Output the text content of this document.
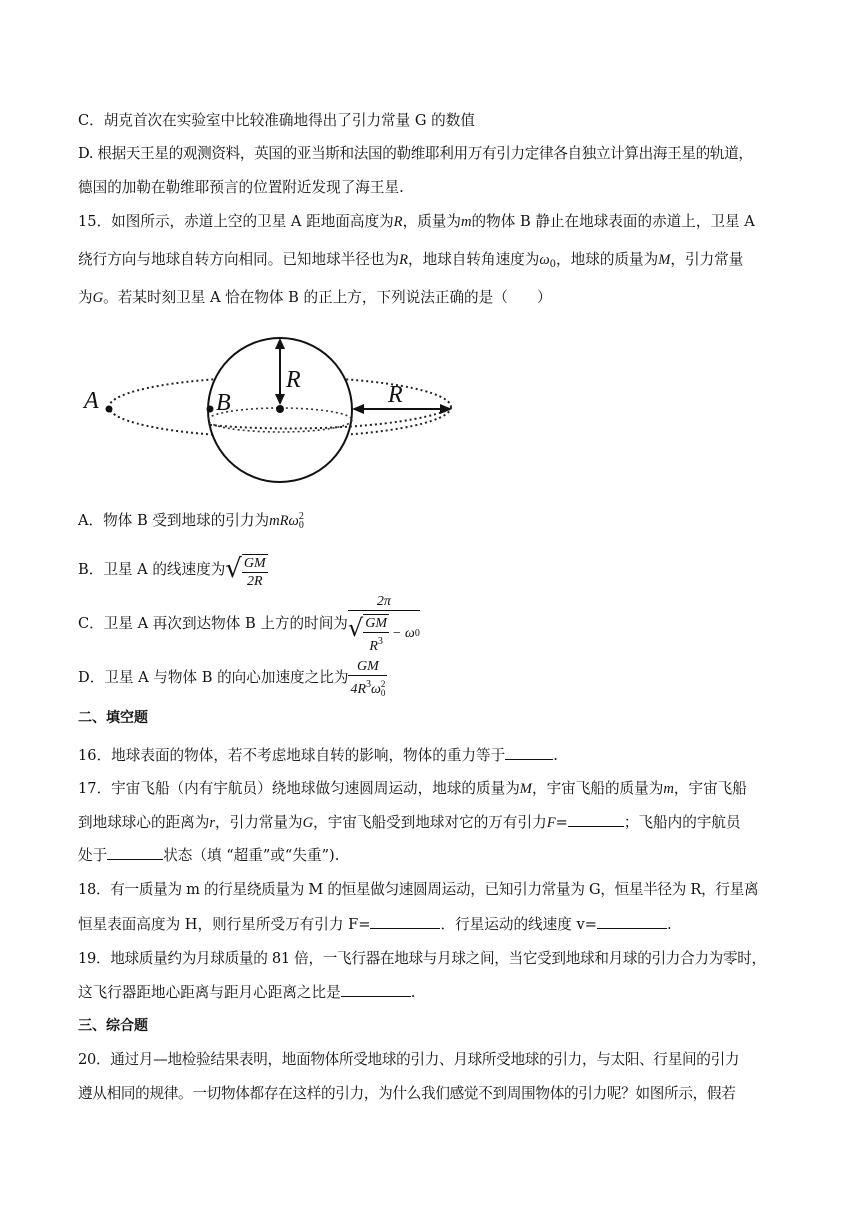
C．胡克首次在实验室中比较准确地得出了引力常量 G 的数值
D. 根据天王星的观测资料，英国的亚当斯和法国的勒维耶利用万有引力定律各自独立计算出海王星的轨道，
德国的加勒在勒维耶预言的位置附近发现了海王星.
15．如图所示，赤道上空的卫星 A 距地面高度为R，质量为m的物体 B 静止在地球表面的赤道上，卫星 A
绕行方向与地球自转方向相同。已知地球半径也为R，地球自转角速度为$\omega_0$，地球的质量为M，引力常量
为G。若某时刻卫星 A 恰在物体 B 的正上方，下列说法正确的是（　　）
A	B
R
R
A．物体 B 受到地球的引力为mRω 2
0
B．卫星 A 的线速度为 √ $\frac{GM}{2R}$
C．卫星 A 再次到达物体 B 上方的时间为 $\frac{2\pi}{√ \frac{GM}{R^3} - \omega 0}$
D．卫星 A 与物体 B 的向心加速度之比为 GM
$4R^3\omega$ 2
0
二、填空题
16．地球表面的物体，若不考虑地球自转的影响，物体的重力等于	.
17．宇宙飞船（内有宇航员）绕地球做匀速圆周运动，地球的质量为M，宇宙飞船的质量为m，宇宙飞船
到地球球心的距离为r，引力常量为G，宇宙飞船受到地球对它的万有引力F=	；飞船内的宇航员
处于	状态（填 “超重”或“失重”).
18．有一质量为 m 的行星绕质量为 M 的恒星做匀速圆周运动，已知引力常量为 G，恒星半径为 R，行星离
恒星表面高度为 H，则行星所受万有引力 F=	．行星运动的线速度 v=	.
19．地球质量约为月球质量的 81 倍，一飞行器在地球与月球之间，当它受到地球和月球的引力合力为零时，
这飞行器距地心距离与距月心距离之比是	.
三、综合题
20．通过月—地检验结果表明，地面物体所受地球的引力、月球所受地球的引力，与太阳、行星间的引力
遵从相同的规律。一切物体都存在这样的引力，为什么我们感觉不到周围物体的引力呢？如图所示，假若
